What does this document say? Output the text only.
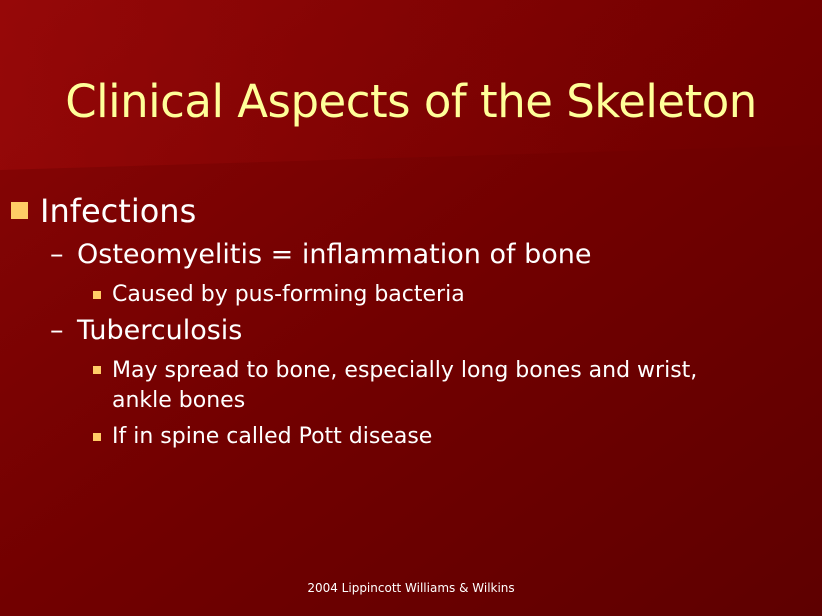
Clinical Aspects of the Skeleton
Infections
– Osteomyelitis = inflammation of bone
Caused by pus-forming bacteria
– Tuberculosis
May spread to bone, especially long bones and wrist,
ankle bones
If in spine called Pott disease
2004 Lippincott Williams & Wilkins
